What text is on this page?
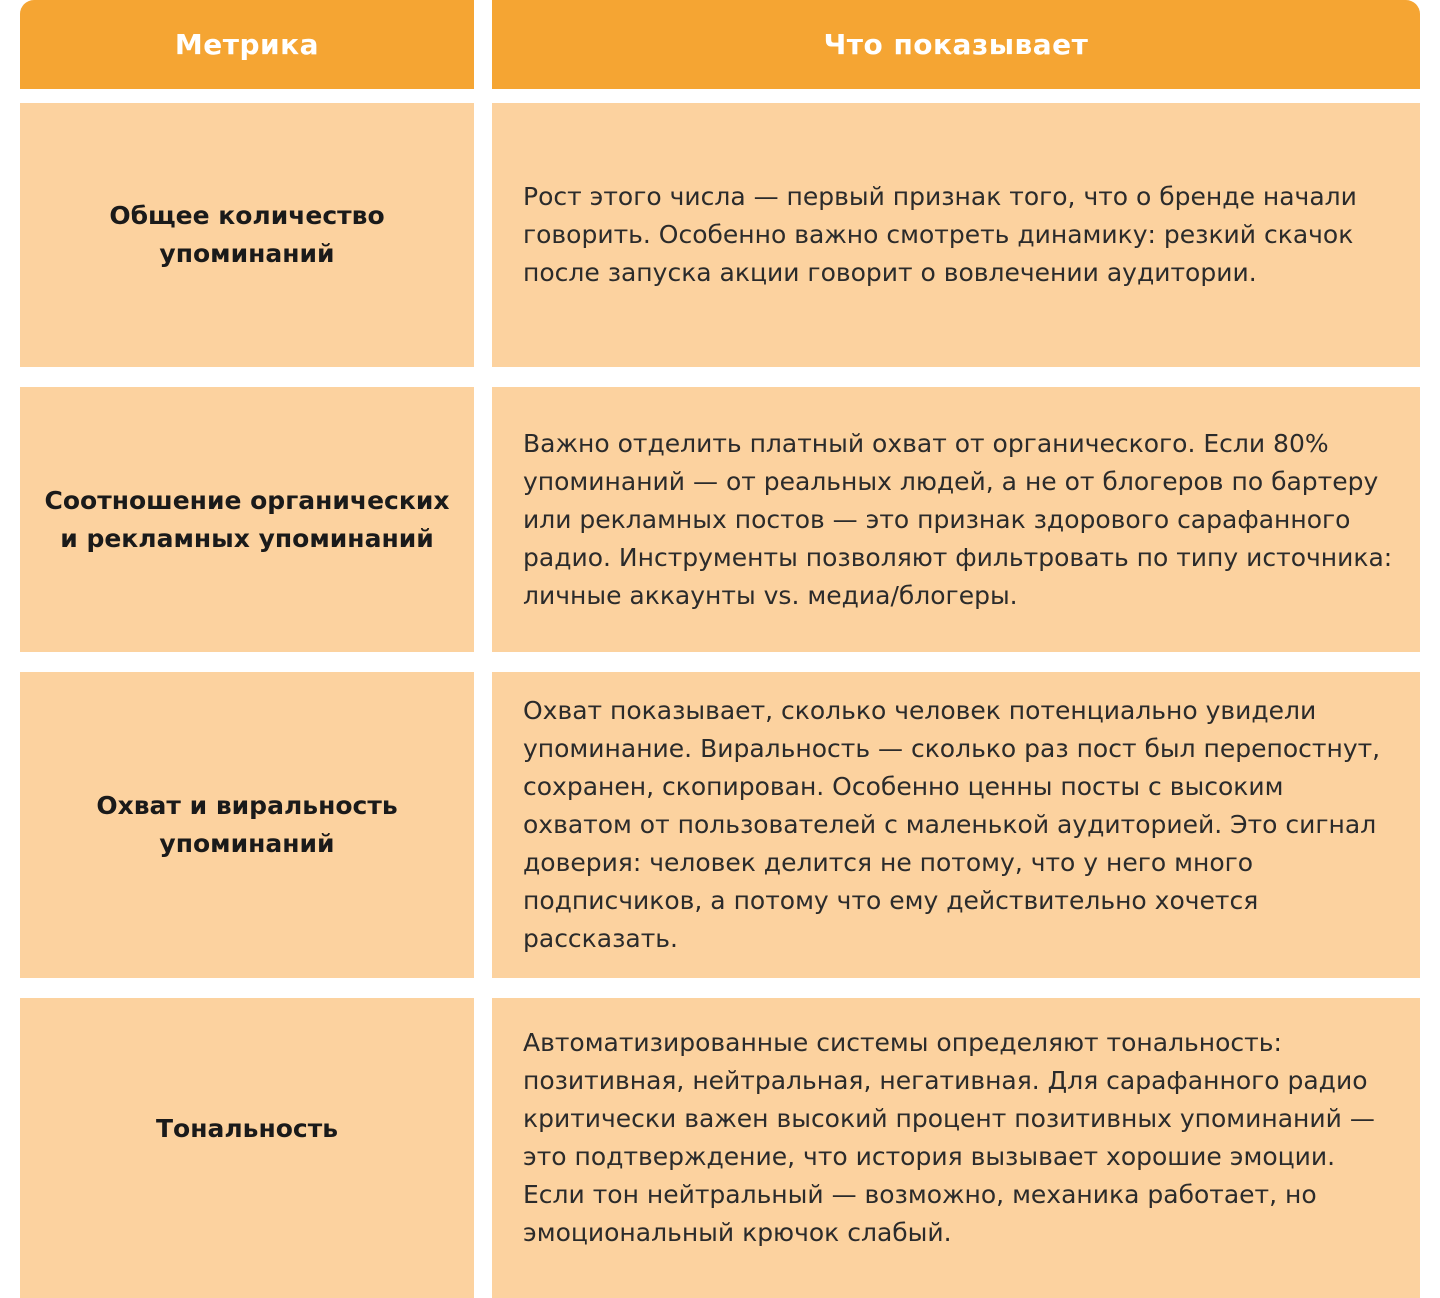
Метрика	Что показывает
Общее количество упоминаний
Рост этого числа — первый признак того, что о бренде начали говорить. Особенно важно смотреть динамику: резкий скачок после запуска акции говорит о вовлечении аудитории.
Соотношение органических и рекламных упоминаний
Важно отделить платный охват от органического. Если 80% упоминаний — от реальных людей, а не от блогеров по бартеру или рекламных постов — это признак здорового сарафанного радио. Инструменты позволяют фильтровать по типу источника: личные аккаунты vs. медиа/блогеры.
Охват и виральность упоминаний
Охват показывает, сколько человек потенциально увидели упоминание. Виральность — сколько раз пост был перепостнут, сохранен, скопирован. Особенно ценны посты с высоким охватом от пользователей с маленькой аудиторией. Это сигнал доверия: человек делится не потому, что у него много подписчиков, а потому что ему действительно хочется рассказать.
Тональность
Автоматизированные системы определяют тональность: позитивная, нейтральная, негативная. Для сарафанного радио критически важен высокий процент позитивных упоминаний — это подтверждение, что история вызывает хорошие эмоции. Если тон нейтральный — возможно, механика работает, но эмоциональный крючок слабый.
